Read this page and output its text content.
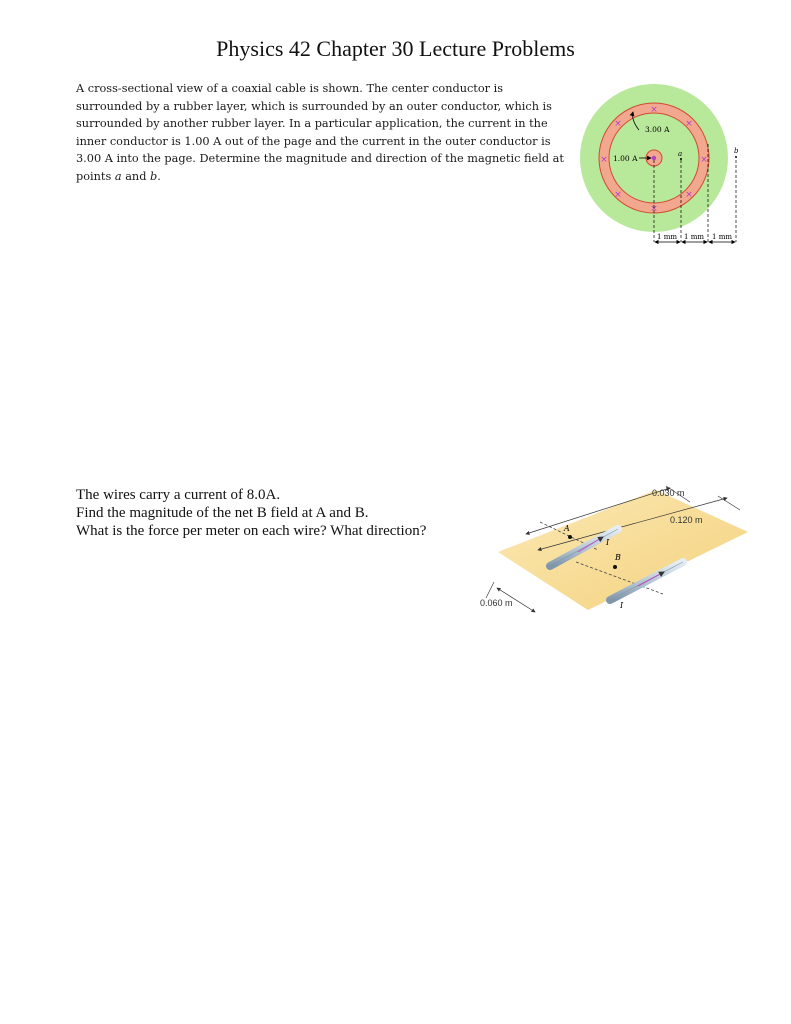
Physics 42 Chapter 30 Lecture Problems
A cross-sectional view of a coaxial cable is shown. The center conductor is surrounded by a rubber layer, which is surrounded by an outer conductor, which is surrounded by another rubber layer. In a particular application, the current in the inner conductor is 1.00 A out of the page and the current in the outer conductor is 3.00 A into the page. Determine the magnitude and direction of the magnetic field at points a and b.
×
×	×
×	×
×	×
×
3.00 A
1.00 A	a	b
1 mm 1 mm 1 mm
The wires carry a current of 8.0A.
Find the magnitude of the net B field at A and B.
What is the force per meter on each wire? What direction?	A
B
I
I
0.030 m
0.120 m
0.060 m
